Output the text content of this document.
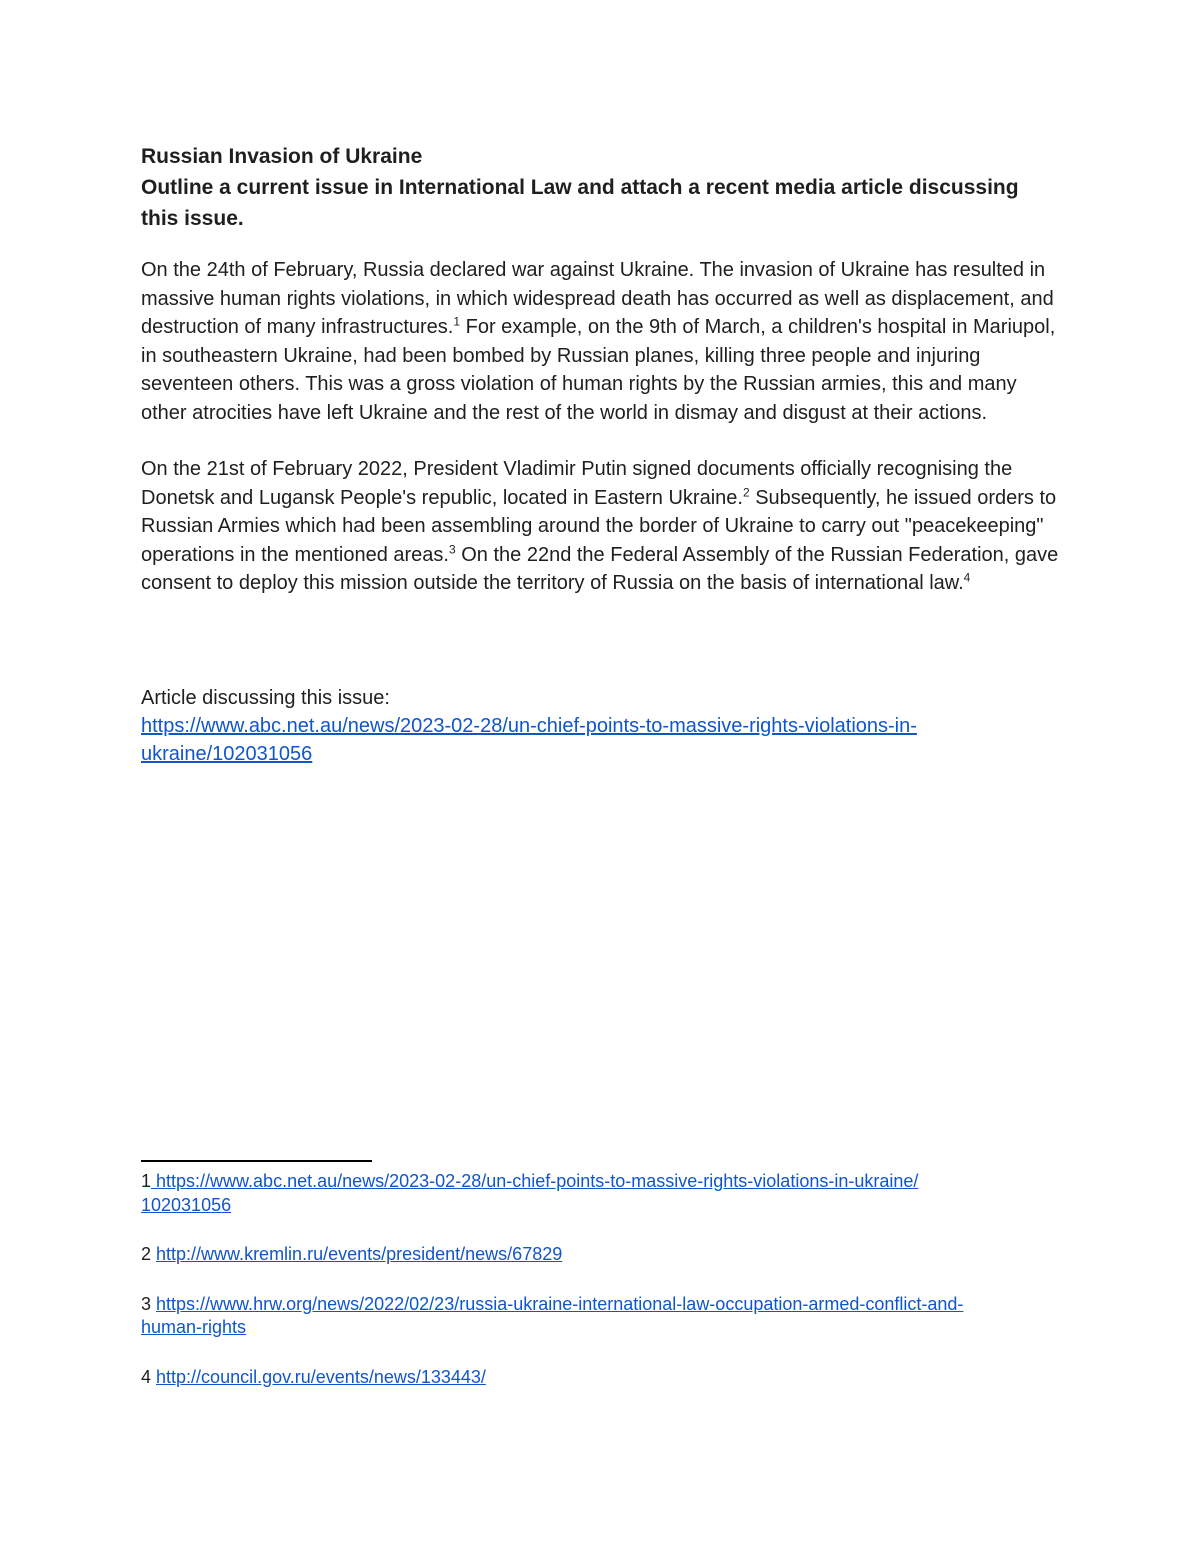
Russian Invasion of Ukraine

Outline a current issue in International Law and attach a recent media article discussing this issue.

On the 24th of February, Russia declared war against Ukraine. The invasion of Ukraine has resulted in massive human rights violations, in which widespread death has occurred as well as displacement, and destruction of many infrastructures.$^1$ For example, on the 9th of March, a children's hospital in Mariupol, in southeastern Ukraine, had been bombed by Russian planes, killing three people and injuring seventeen others. This was a gross violation of human rights by the Russian armies, this and many other atrocities have left Ukraine and the rest of the world in dismay and disgust at their actions.

On the 21st of February 2022, President Vladimir Putin signed documents officially recognising the Donetsk and Lugansk People's republic, located in Eastern Ukraine.$^2$ Subsequently, he issued orders to Russian Armies which had been assembling around the border of Ukraine to carry out "peacekeeping" operations in the mentioned areas.$^3$ On the 22nd the Federal Assembly of the Russian Federation, gave consent to deploy this mission outside the territory of Russia on the basis of international law.$^4$

Article discussing this issue:
https://www.abc.net.au/news/2023-02-28/un-chief-points-to-massive-rights-violations-in-
ukraine/102031056

1 https://www.abc.net.au/news/2023-02-28/un-chief-points-to-massive-rights-violations-in-ukraine/
102031056

2 http://www.kremlin.ru/events/president/news/67829

3 https://www.hrw.org/news/2022/02/23/russia-ukraine-international-law-occupation-armed-conflict-and-
human-rights

4 http://council.gov.ru/events/news/133443/
